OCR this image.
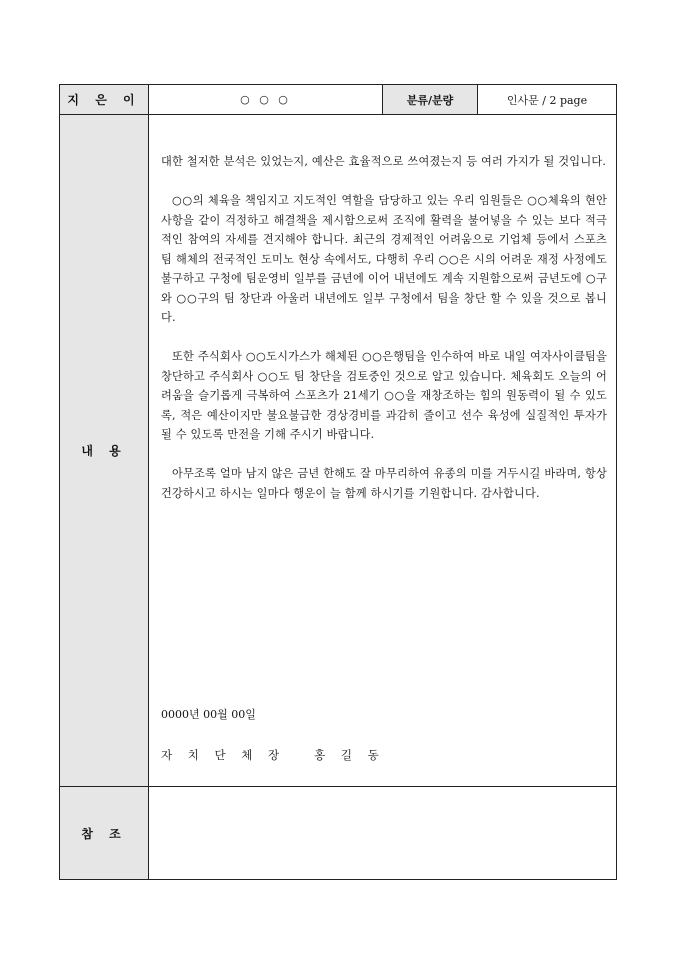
지 은 이	○ ○ ○	분류/분량	인사문 / 2 page
내 용

대한 철저한 분석은 있었는지, 예산은 효율적으로 쓰여졌는지 등 여러 가지가 될 것입니다.

○○의 체육을 책임지고 지도적인 역할을 담당하고 있는 우리 임원들은 ○○체육의 현안사항을 같이 걱정하고 해결책을 제시함으로써 조직에 활력을 불어넣을 수 있는 보다 적극적인 참여의 자세를 견지해야 합니다. 최근의 경제적인 어려움으로 기업체 등에서 스포츠팀 해체의 전국적인 도미노 현상 속에서도, 다행히 우리 ○○은 시의 어려운 재정 사정에도 불구하고 구청에 팀운영비 일부를 금년에 이어 내년에도 계속 지원함으로써 금년도에 ○구와 ○○구의 팀 창단과 아울러 내년에도 일부 구청에서 팀을 창단 할 수 있을 것으로 봅니다.

또한 주식회사 ○○도시가스가 해체된 ○○은행팀을 인수하여 바로 내일 여자사이클팀을 창단하고 주식회사 ○○도 팀 창단을 검토중인 것으로 알고 있습니다. 체육회도 오늘의 어려움을 슬기롭게 극복하여 스포츠가 21세기 ○○을 재창조하는 힘의 원동력이 될 수 있도록, 적은 예산이지만 불요불급한 경상경비를 과감히 줄이고 선수 육성에 실질적인 투자가 될 수 있도록 만전을 기해 주시기 바랍니다.

아무조록 얼마 남지 않은 금년 한해도 잘 마무리하여 유종의 미를 거두시길 바라며, 항상 건강하시고 하시는 일마다 행운이 늘 함께 하시기를 기원합니다. 감사합니다.

0000년 00월 00일
자 치 단 체 장   홍 길 동
참 조
